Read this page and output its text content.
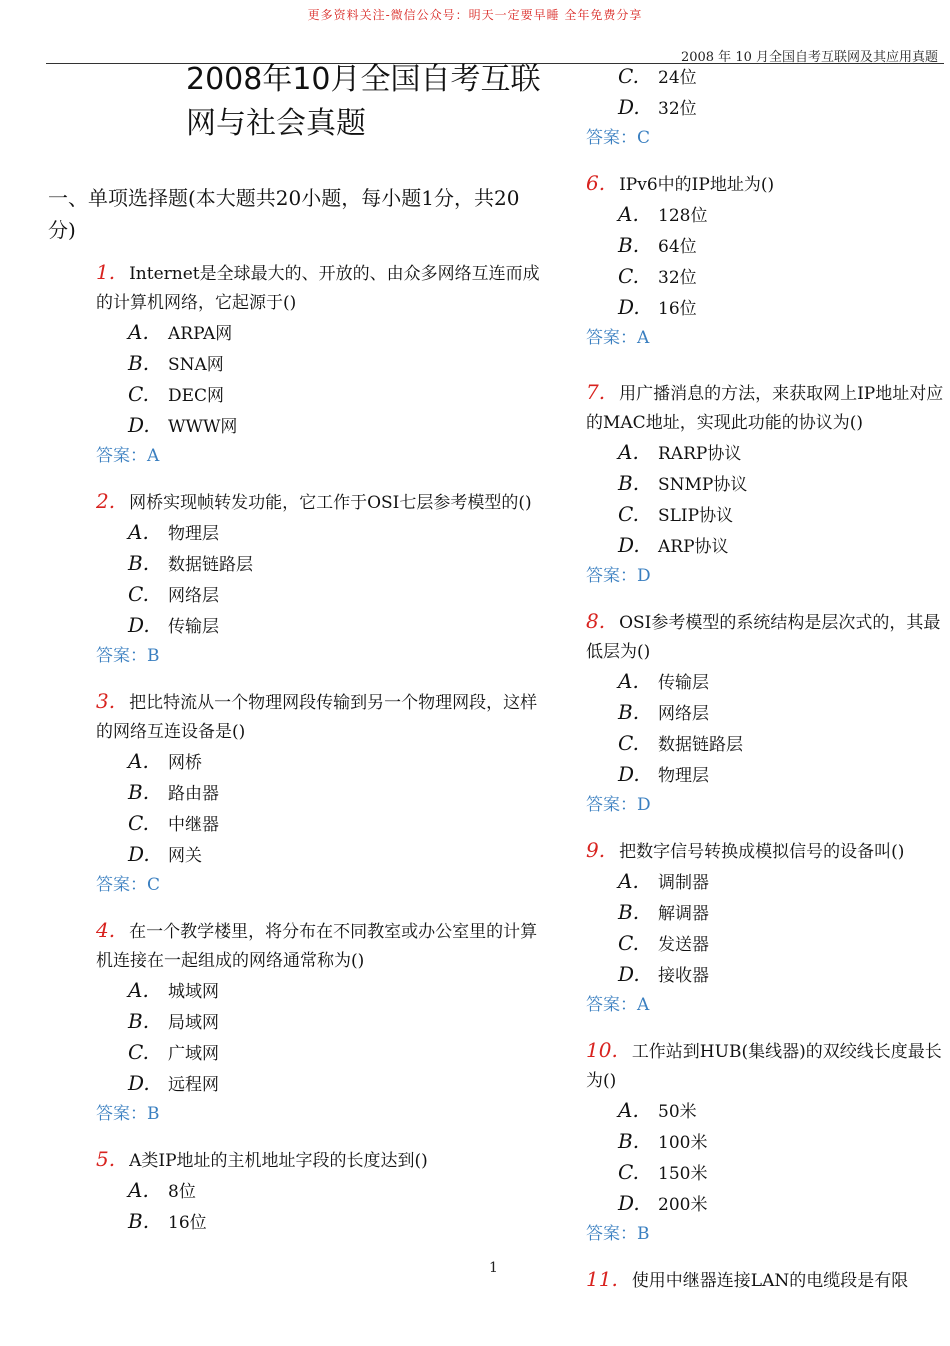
更多资料关注-微信公众号：明天一定要早睡 全年免费分享
2008 年 10 月全国自考互联网及其应用真题
2008年10月全国自考互联网与社会真题
一、单项选择题(本大题共20小题，每小题1分，共20分)
1. Internet是全球最大的、开放的、由众多网络互连而成的计算机网络，它起源于()
A. ARPA网
B. SNA网
C. DEC网
D. WWW网
答案：A
2. 网桥实现帧转发功能，它工作于OSI七层参考模型的()
A. 物理层
B. 数据链路层
C. 网络层
D. 传输层
答案：B
3. 把比特流从一个物理网段传输到另一个物理网段，这样的网络互连设备是()
A. 网桥
B. 路由器
C. 中继器
D. 网关
答案：C
4. 在一个教学楼里，将分布在不同教室或办公室里的计算机连接在一起组成的网络通常称为()
A. 城域网
B. 局域网
C. 广域网
D. 远程网
答案：B
5. A类IP地址的主机地址字段的长度达到()
A. 8位
B. 16位
C. 24位
D. 32位
答案：C
6. IPv6中的IP地址为()
A. 128位
B. 64位
C. 32位
D. 16位
答案：A
7. 用广播消息的方法，来获取网上IP地址对应的MAC地址，实现此功能的协议为()
A. RARP协议
B. SNMP协议
C. SLIP协议
D. ARP协议
答案：D
8. OSI参考模型的系统结构是层次式的，其最低层为()
A. 传输层
B. 网络层
C. 数据链路层
D. 物理层
答案：D
9. 把数字信号转换成模拟信号的设备叫()
A. 调制器
B. 解调器
C. 发送器
D. 接收器
答案：A
10. 工作站到HUB(集线器)的双绞线长度最长为()
A. 50米
B. 100米
C. 150米
D. 200米
答案：B
11. 使用中继器连接LAN的电缆段是有限
1
